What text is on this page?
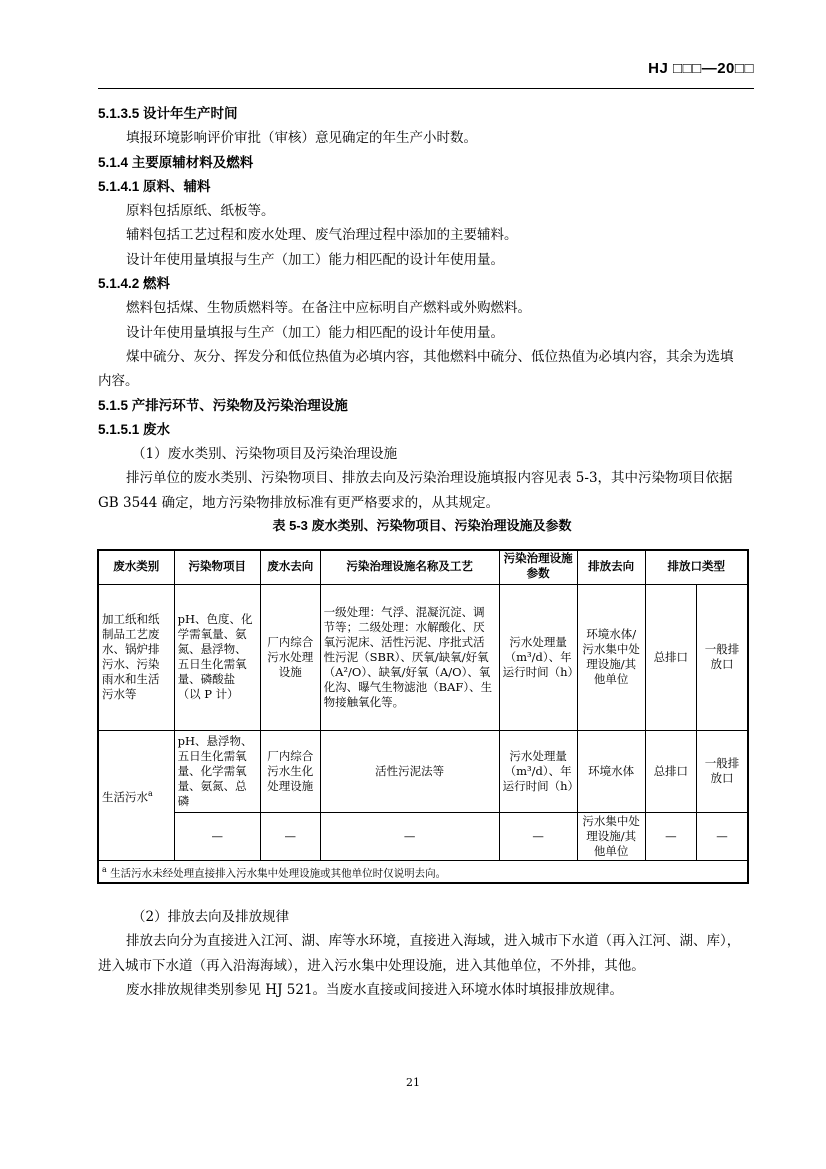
HJ □□□—20□□
5.1.3.5 设计年生产时间
填报环境影响评价审批（审核）意见确定的年生产小时数。
5.1.4 主要原辅材料及燃料
5.1.4.1 原料、辅料
原料包括原纸、纸板等。
辅料包括工艺过程和废水处理、废气治理过程中添加的主要辅料。
设计年使用量填报与生产（加工）能力相匹配的设计年使用量。
5.1.4.2 燃料
燃料包括煤、生物质燃料等。在备注中应标明自产燃料或外购燃料。
设计年使用量填报与生产（加工）能力相匹配的设计年使用量。
煤中硫分、灰分、挥发分和低位热值为必填内容，其他燃料中硫分、低位热值为必填内容，其余为选填内容。
5.1.5 产排污环节、污染物及污染治理设施
5.1.5.1 废水
（1）废水类别、污染物项目及污染治理设施
排污单位的废水类别、污染物项目、排放去向及污染治理设施填报内容见表 5-3，其中污染物项目依据 GB 3544 确定，地方污染物排放标准有更严格要求的，从其规定。
表 5-3 废水类别、污染物项目、污染治理设施及参数
废水类别	污染物项目	废水去向	污染治理设施名称及工艺	污染治理设施参数	排放去向	排放口类型	
加工纸和纸制品工艺废水、锅炉排污水、污染雨水和生活污水等	pH、色度、化学需氧量、氨氮、悬浮物、五日生化需氧量、磷酸盐（以 P 计）	厂内综合污水处理设施	一级处理：气浮、混凝沉淀、调节等；二级处理：水解酸化、厌氧污泥床、活性污泥、序批式活性污泥（SBR）、厌氧/缺氧/好氧（A²/O）、缺氧/好氧（A/O）、氧化沟、曝气生物滤池（BAF）、生物接触氧化等。	污水处理量（m³/d）、年运行时间（h）	环境水体/污水集中处理设施/其他单位	总排口	一般排放口
生活污水$^a$	pH、悬浮物、五日生化需氧量、化学需氧量、氨氮、总磷	厂内综合污水生化处理设施	活性污泥法等	污水处理量（m³/d）、年运行时间（h）	环境水体	总排口	一般排放口
	—	—	—	—	污水集中处理设施/其他单位	—	—
$^a$ 生活污水未经处理直接排入污水集中处理设施或其他单位时仅说明去向。							
（2）排放去向及排放规律
排放去向分为直接进入江河、湖、库等水环境，直接进入海域，进入城市下水道（再入江河、湖、库），进入城市下水道（再入沿海海域），进入污水集中处理设施，进入其他单位，不外排，其他。
废水排放规律类别参见 HJ 521。当废水直接或间接进入环境水体时填报排放规律。
21
